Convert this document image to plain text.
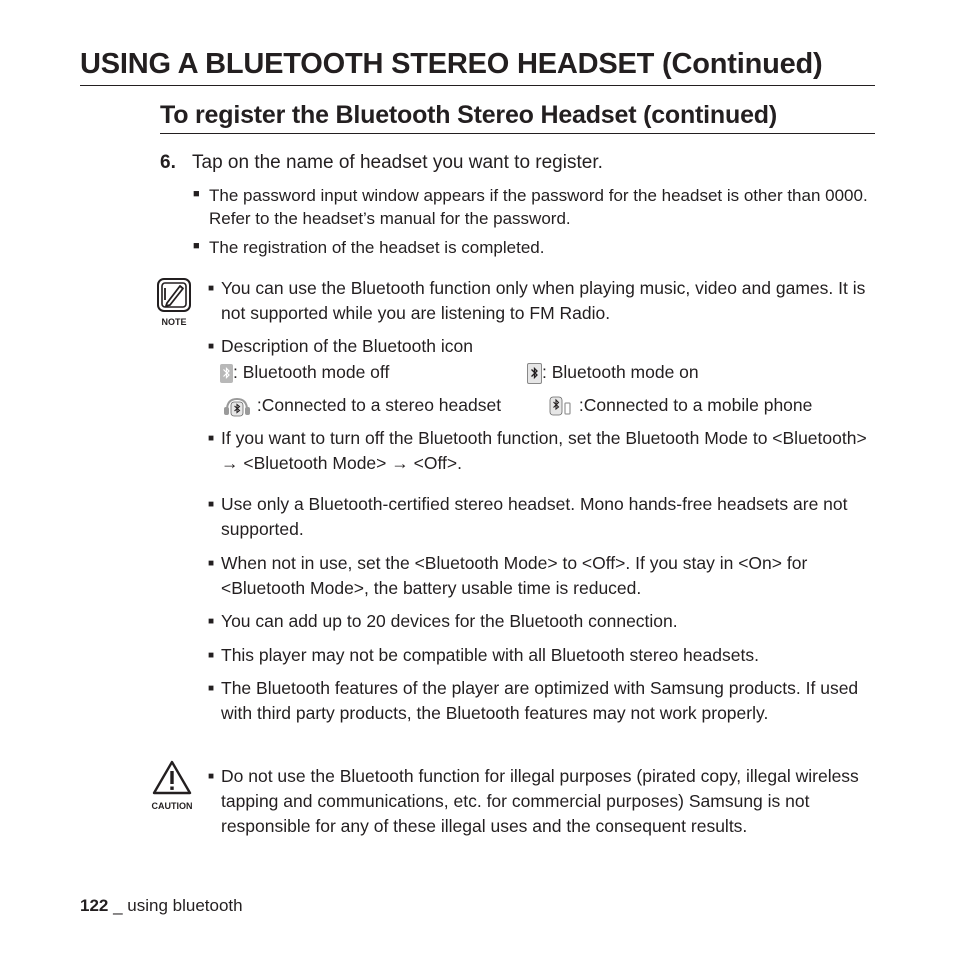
USING A BLUETOOTH STEREO HEADSET (Continued)
To register the Bluetooth Stereo Headset (continued)
6. Tap on the name of headset you want to register.
■ The password input window appears if the password for the headset is other than 0000. Refer to the headset’s manual for the password.
■ The registration of the headset is completed.
NOTE
■ You can use the Bluetooth function only when playing music, video and games. It is not supported while you are listening to FM Radio.
■ Description of the Bluetooth icon
: Bluetooth mode off	: Bluetooth mode on
:Connected to a stereo headset	:Connected to a mobile phone
■ If you want to turn off the Bluetooth function, set the Bluetooth Mode to <Bluetooth> → <Bluetooth Mode> → <Off>.
■ Use only a Bluetooth-certified stereo headset. Mono hands-free headsets are not supported.
■ When not in use, set the <Bluetooth Mode> to <Off>. If you stay in <On> for <Bluetooth Mode>, the battery usable time is reduced.
■ You can add up to 20 devices for the Bluetooth connection.
■ This player may not be compatible with all Bluetooth stereo headsets.
■ The Bluetooth features of the player are optimized with Samsung products. If used with third party products, the Bluetooth features may not work properly.
CAUTION
■ Do not use the Bluetooth function for illegal purposes (pirated copy, illegal wireless tapping and communications, etc. for commercial purposes) Samsung is not responsible for any of these illegal uses and the consequent results.
122 _ using bluetooth
